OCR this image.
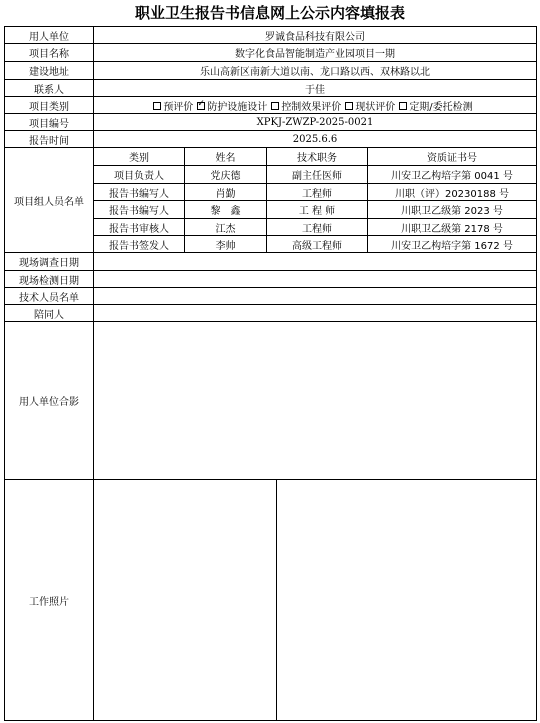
职业卫生报告书信息网上公示内容填报表
用人单位	罗诚食品科技有限公司
项目名称	数字化食品智能制造产业园项目一期
建设地址	乐山高新区南新大道以南、龙口路以西、双林路以北
联系人	于佳
项目类别	预评价
✓ 防护设施设计 控制效果评价 现状评价 定期/委托检测
项目编号	XPKJ-ZWZP-2025-0021
报告时间	2025.6.6
项目组人员名单
类别	姓名	技术职务	资质证书号
项目负责人	党庆德	副主任医师	川安卫乙构培字第 0041 号
报告书编写人	肖勤	工程师	川职（评）20230188 号
报告书编写人	黎　鑫	工 程 师	川职卫乙级第 2023 号
报告书审核人	江杰	工程师	川职卫乙级第 2178 号
报告书签发人	李帅	高级工程师	川安卫乙构培字第 1672 号
现场调查日期
现场检测日期
技术人员名单
陪同人
用人单位合影
工作照片
